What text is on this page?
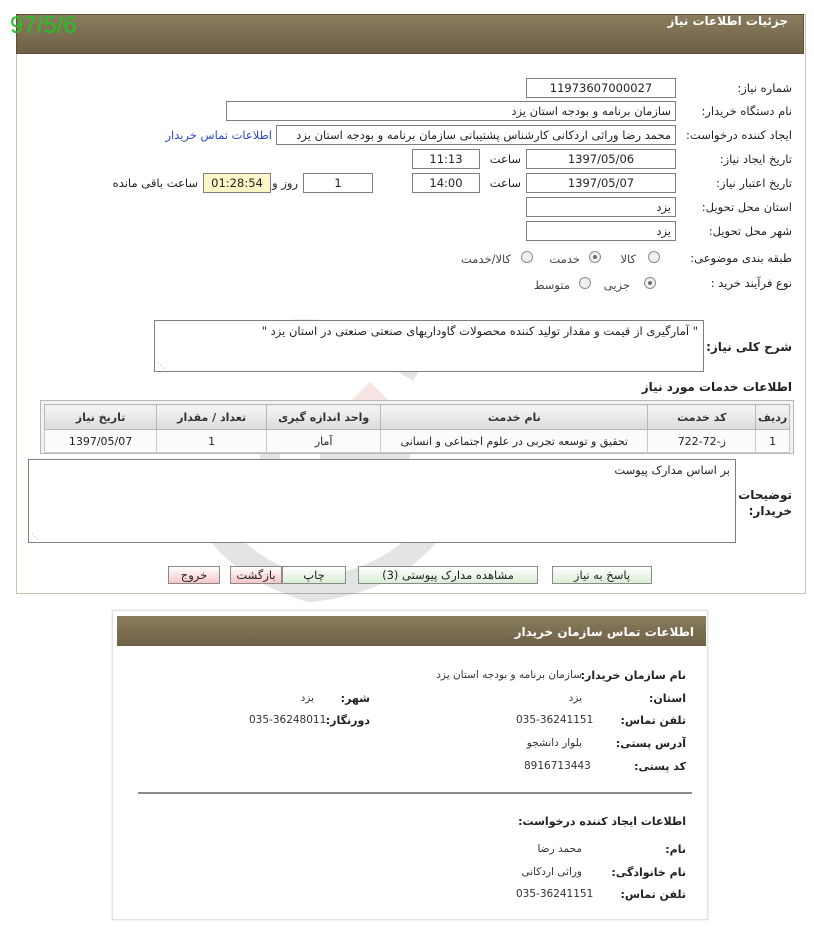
جزئیات اطلاعات نیاز
97/5/6
شماره نیاز:
11973607000027
نام دستگاه خریدار:
سازمان برنامه و بودجه استان یزد
ایجاد کننده درخواست:
محمد رضا وراثی اردکانی کارشناس پشتیبانی سازمان برنامه و بودجه استان یزد
اطلاعات تماس خریدار
تاریخ ایجاد نیاز:
1397/05/06
ساعت
11:13
تاریخ اعتبار نیاز:
1397/05/07
ساعت
14:00
1
روز و
01:28:54
ساعت باقی مانده
استان محل تحویل:
یزد
شهر محل تحویل:
یزد
طبقه بندی موضوعی:
کالا
خدمت
کالا/خدمت
نوع فرآیند خرید :
جزیی
متوسط
شرح کلی نیاز:
" آمارگیری از قیمت و مقدار تولید کننده محصولات گاوداریهای صنعتی صنعتی در استان یزد "
⋰
اطلاعات خدمات مورد نیاز
ردیف	کد خدمت	نام خدمت	واحد اندازه گیری	تعداد / مقدار	تاریخ نیاز
1	ز-72-722	تحقیق و توسعه تجربی در علوم اجتماعی و انسانی	آمار	1	1397/05/07
توضیحات
خریدار:
بر اساس مدارک پیوست
⋰
پاسخ به نیاز
مشاهده مدارک پیوستی (3)
چاپ
بازگشت
خروج
اطلاعات تماس سازمان خریدار
نام سازمان خریدار:
سازمان برنامه و بودجه استان یزد
استان:
یزد
شهر:
یزد
تلفن تماس:
035-36241151
دورنگار:
035-36248011
آدرس پستی:
بلوار دانشجو
کد پستی:
8916713443
اطلاعات ایجاد کننده درخواست:
نام:
محمد رضا
نام خانوادگی:
وراثی اردکانی
تلفن تماس:
035-36241151
